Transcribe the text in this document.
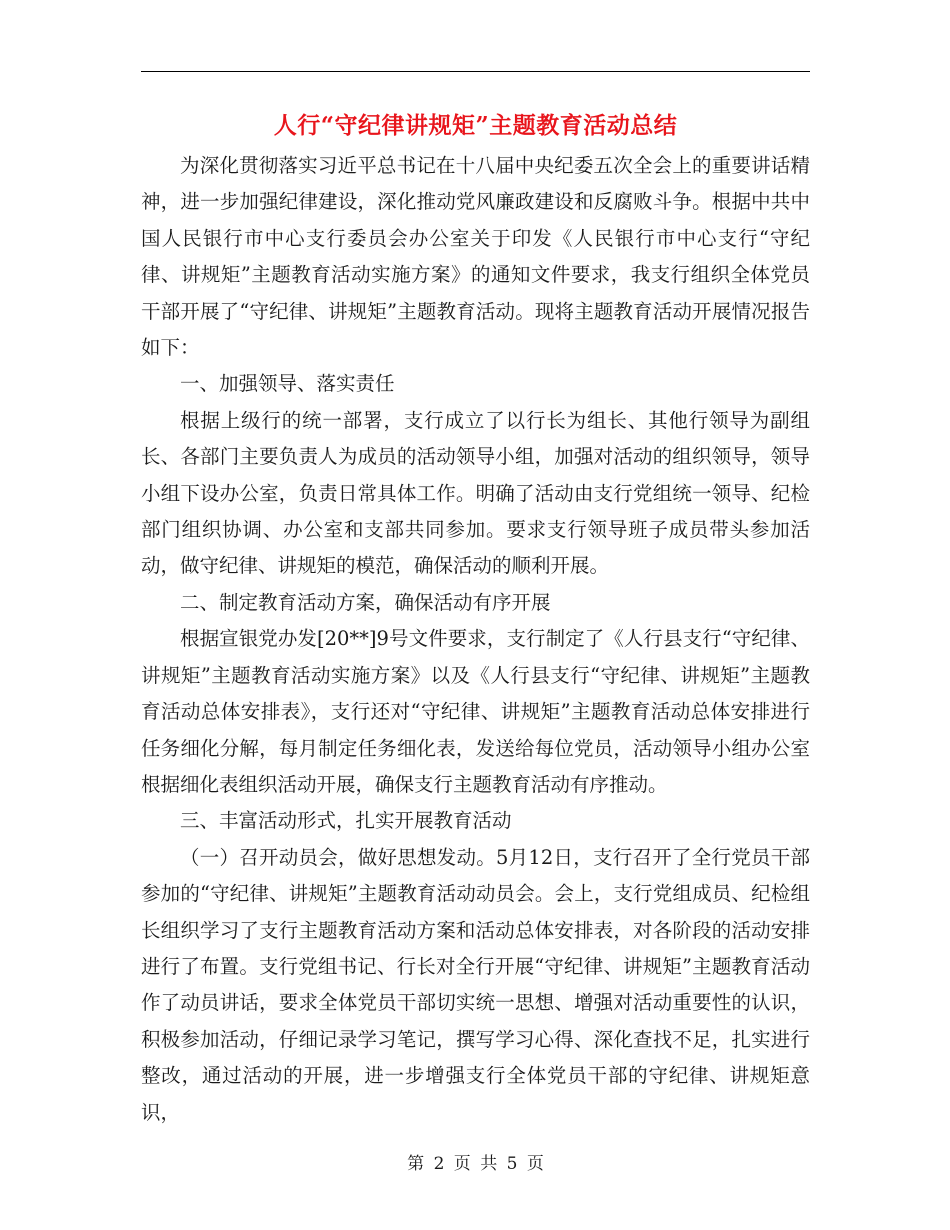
人行“守纪律讲规矩”主题教育活动总结

为深化贯彻落实习近平总书记在十八届中央纪委五次全会上的重要讲话精神，进一步加强纪律建设，深化推动党风廉政建设和反腐败斗争。根据中共中国人民银行市中心支行委员会办公室关于印发《人民银行市中心支行“守纪律、讲规矩”主题教育活动实施方案》的通知文件要求，我支行组织全体党员干部开展了“守纪律、讲规矩”主题教育活动。现将主题教育活动开展情况报告如下：

一、加强领导、落实责任

根据上级行的统一部署，支行成立了以行长为组长、其他行领导为副组长、各部门主要负责人为成员的活动领导小组，加强对活动的组织领导，领导小组下设办公室，负责日常具体工作。明确了活动由支行党组统一领导、纪检部门组织协调、办公室和支部共同参加。要求支行领导班子成员带头参加活动，做守纪律、讲规矩的模范，确保活动的顺利开展。

二、制定教育活动方案，确保活动有序开展

根据宣银党办发[20**]9号文件要求，支行制定了《人行县支行“守纪律、讲规矩”主题教育活动实施方案》以及《人行县支行“守纪律、讲规矩”主题教育活动总体安排表》，支行还对“守纪律、讲规矩”主题教育活动总体安排进行任务细化分解，每月制定任务细化表，发送给每位党员，活动领导小组办公室根据细化表组织活动开展，确保支行主题教育活动有序推动。

三、丰富活动形式，扎实开展教育活动

（一）召开动员会，做好思想发动。5月12日，支行召开了全行党员干部参加的“守纪律、讲规矩”主题教育活动动员会。会上，支行党组成员、纪检组长组织学习了支行主题教育活动方案和活动总体安排表，对各阶段的活动安排进行了布置。支行党组书记、行长对全行开展“守纪律、讲规矩”主题教育活动作了动员讲话，要求全体党员干部切实统一思想、增强对活动重要性的认识，积极参加活动，仔细记录学习笔记，撰写学习心得、深化查找不足，扎实进行整改，通过活动的开展，进一步增强支行全体党员干部的守纪律、讲规矩意识，

第 2 页 共 5 页
